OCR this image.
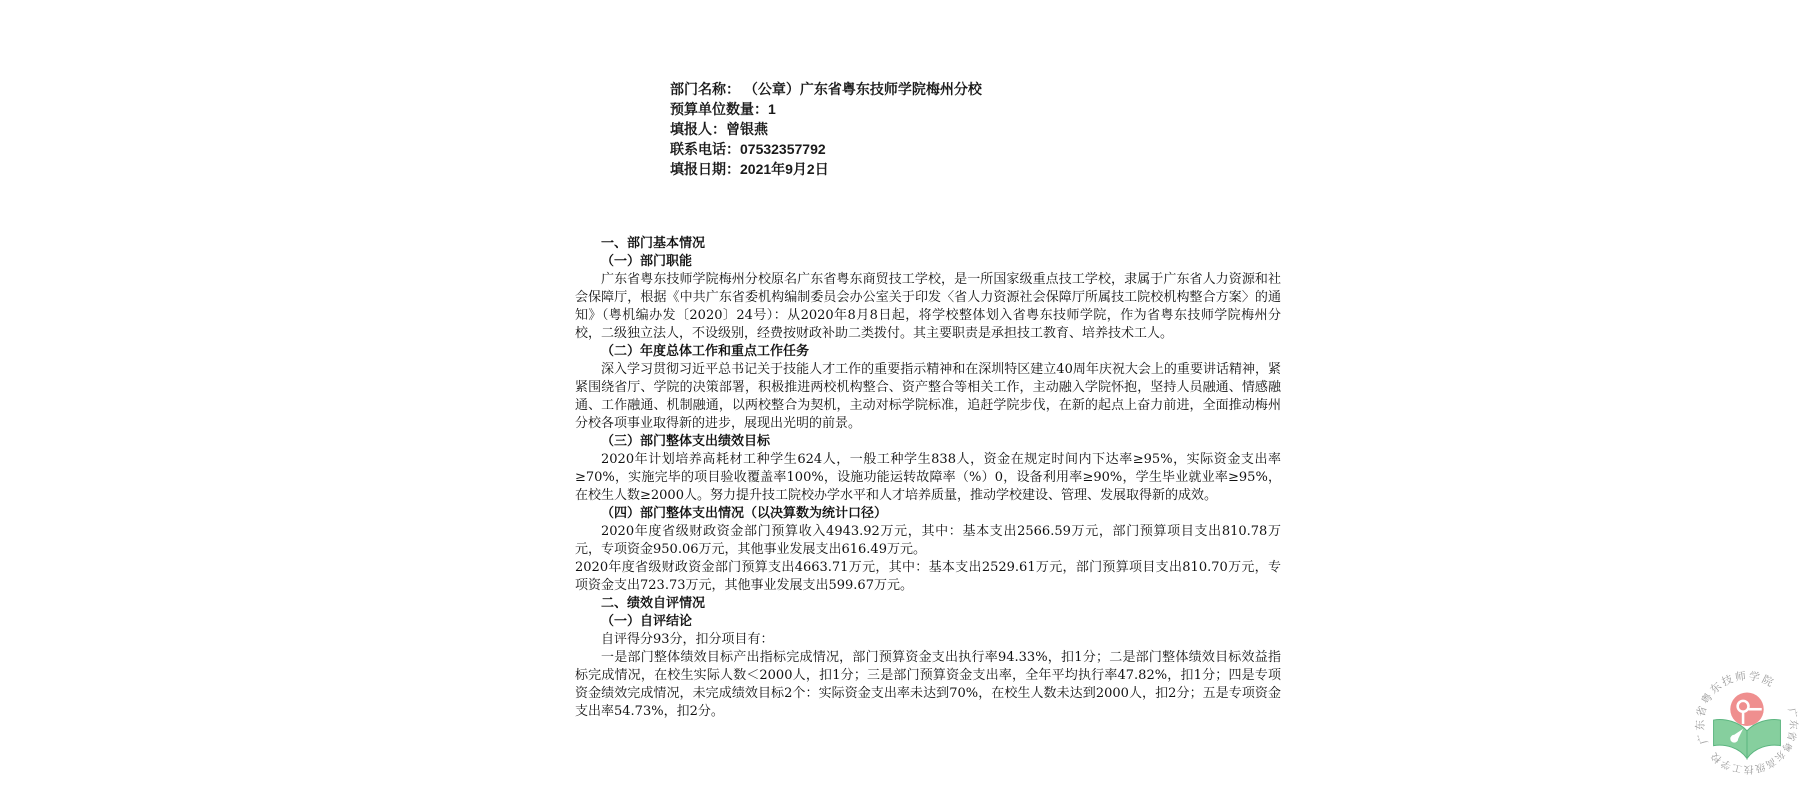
部门名称： （公章）广东省粤东技师学院梅州分校
预算单位数量：1
填报人：曾银燕
联系电话：07532357792
填报日期：2021年9月2日

一、部门基本情况

（一）部门职能

广东省粤东技师学院梅州分校原名广东省粤东商贸技工学校，是一所国家级重点技工学校，隶属于广东省人力资源和社会保障厅，根据《中共广东省委机构编制委员会办公室关于印发〈省人力资源社会保障厅所属技工院校机构整合方案〉的通知》（粤机编办发〔2020〕24号）：从2020年8月8日起，将学校整体划入省粤东技师学院，作为省粤东技师学院梅州分校，二级独立法人，不设级别，经费按财政补助二类拨付。其主要职责是承担技工教育、培养技术工人。

（二）年度总体工作和重点工作任务

深入学习贯彻习近平总书记关于技能人才工作的重要指示精神和在深圳特区建立40周年庆祝大会上的重要讲话精神，紧紧围绕省厅、学院的决策部署，积极推进两校机构整合、资产整合等相关工作，主动融入学院怀抱，坚持人员融通、情感融通、工作融通、机制融通，以两校整合为契机，主动对标学院标准，追赶学院步伐，在新的起点上奋力前进，全面推动梅州分校各项事业取得新的进步，展现出光明的前景。

（三）部门整体支出绩效目标

2020年计划培养高耗材工种学生624人，一般工种学生838人，资金在规定时间内下达率≥95%，实际资金支出率≥70%，实施完毕的项目验收覆盖率100%，设施功能运转故障率（%）0，设备利用率≥90%，学生毕业就业率≥95%，在校生人数≥2000人。努力提升技工院校办学水平和人才培养质量，推动学校建设、管理、发展取得新的成效。

（四）部门整体支出情况（以决算数为统计口径）

2020年度省级财政资金部门预算收入4943.92万元，其中：基本支出2566.59万元，部门预算项目支出810.78万元，专项资金950.06万元，其他事业发展支出616.49万元。

2020年度省级财政资金部门预算支出4663.71万元，其中：基本支出2529.61万元，部门预算项目支出810.70万元，专项资金支出723.73万元，其他事业发展支出599.67万元。

二、绩效自评情况

（一）自评结论

自评得分93分，扣分项目有：

一是部门整体绩效目标产出指标完成情况，部门预算资金支出执行率94.33%，扣1分；二是部门整体绩效目标效益指标完成情况，在校生实际人数＜2000人，扣1分；三是部门预算资金支出率，全年平均执行率47.82%，扣1分；四是专项资金绩效完成情况，未完成绩效目标2个：实际资金支出率未达到70%，在校生人数未达到2000人，扣2分；五是专项资金支出率54.73%，扣2分。

广东省粤东技师学院
广东省粤东高级技工学校
